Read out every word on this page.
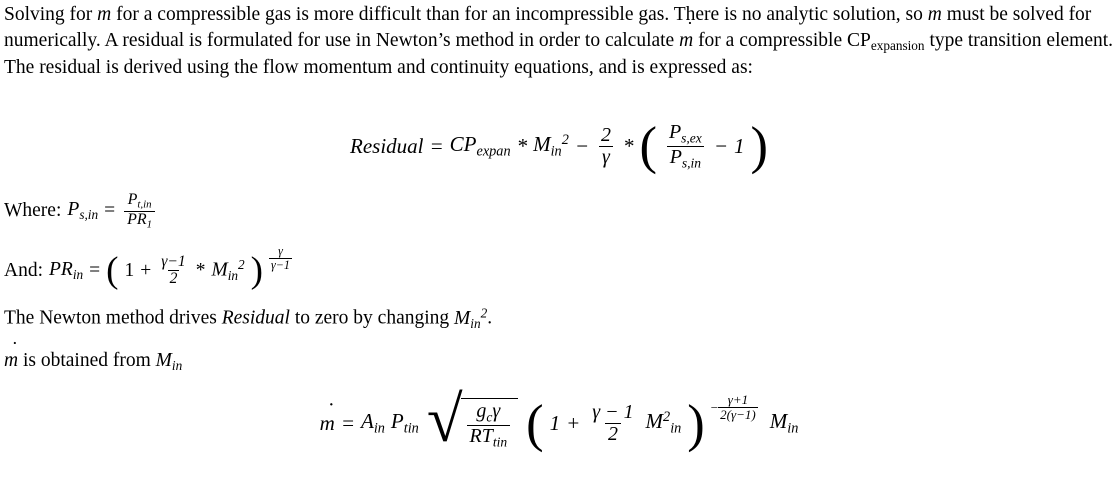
Solving for m ˙ for a compressible gas is more difficult than for an incompressible gas. There is no analytic solution, so m ˙ must be solved for numerically. A residual is formulated for use in Newton’s method in order to calculate m ˙ for a compressible $CP_{expansion}$ type transition element. The residual is derived using the flow momentum and continuity equations, and is expressed as:
Residual = $CP_{expan} * M_{in}^2 - \frac{2}{\gamma}$ * ( $\frac{P_{s,ex}}{P_{s,in}} - 1$ )
Where: $P_{s,in} = \frac{P_{t,in}}{PR_1}$
And: $PR_{in}$ = ( $1 + \frac{\gamma-1}{2} * M_{in}^2$ ) $\frac{\gamma}{\gamma-1}$
The Newton method drives Residual to zero by changing $M_{in}^2$.
m ˙ is obtained from $M_{in}$
m ˙ = $A_{in}$ $P_{tin}$ √ $\frac{g_c\gamma}{RT_{tin}}$ ( $1 + \frac{\gamma - 1}{2} M^2_{in}$ ) $^- \frac{\gamma+1}{2(\gamma-1)} M_{in}$
